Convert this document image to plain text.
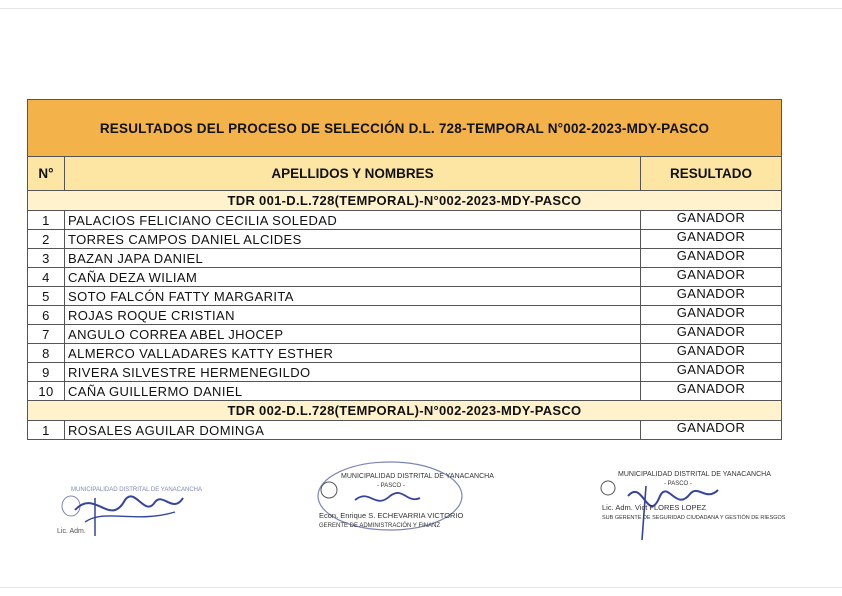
RESULTADOS DEL PROCESO DE SELECCIÓN D.L. 728-TEMPORAL N°002-2023-MDY-PASCO
N°	APELLIDOS Y NOMBRES	RESULTADO
TDR 001-D.L.728(TEMPORAL)-N°002-2023-MDY-PASCO
1	PALACIOS FELICIANO CECILIA SOLEDAD	GANADOR
2	TORRES CAMPOS DANIEL ALCIDES	GANADOR
3	BAZAN JAPA DANIEL	GANADOR
4	CAÑA DEZA WILIAM	GANADOR
5	SOTO FALCÓN FATTY MARGARITA	GANADOR
6	ROJAS ROQUE CRISTIAN	GANADOR
7	ANGULO CORREA ABEL JHOCEP	GANADOR
8	ALMERCO VALLADARES KATTY ESTHER	GANADOR
9	RIVERA SILVESTRE HERMENEGILDO	GANADOR
10	CAÑA GUILLERMO DANIEL	GANADOR
TDR 002-D.L.728(TEMPORAL)-N°002-2023-MDY-PASCO
1	ROSALES AGUILAR DOMINGA	GANADOR
Lic. Adm.
MUNICIPALIDAD DISTRITAL DE YANACANCHA
MUNICIPALIDAD DISTRITAL DE YANACANCHA
- PASCO -
Econ. Enrique S. ECHEVARRIA VICTORIO
GERENTE DE ADMINISTRACIÓN Y FINANZ
MUNICIPALIDAD DISTRITAL DE YANACANCHA
- PASCO -
Lic. Adm. Vict FLORES LOPEZ
SUB GERENTE DE SEGURIDAD CIUDADANA Y GESTIÓN DE RIESGOS
